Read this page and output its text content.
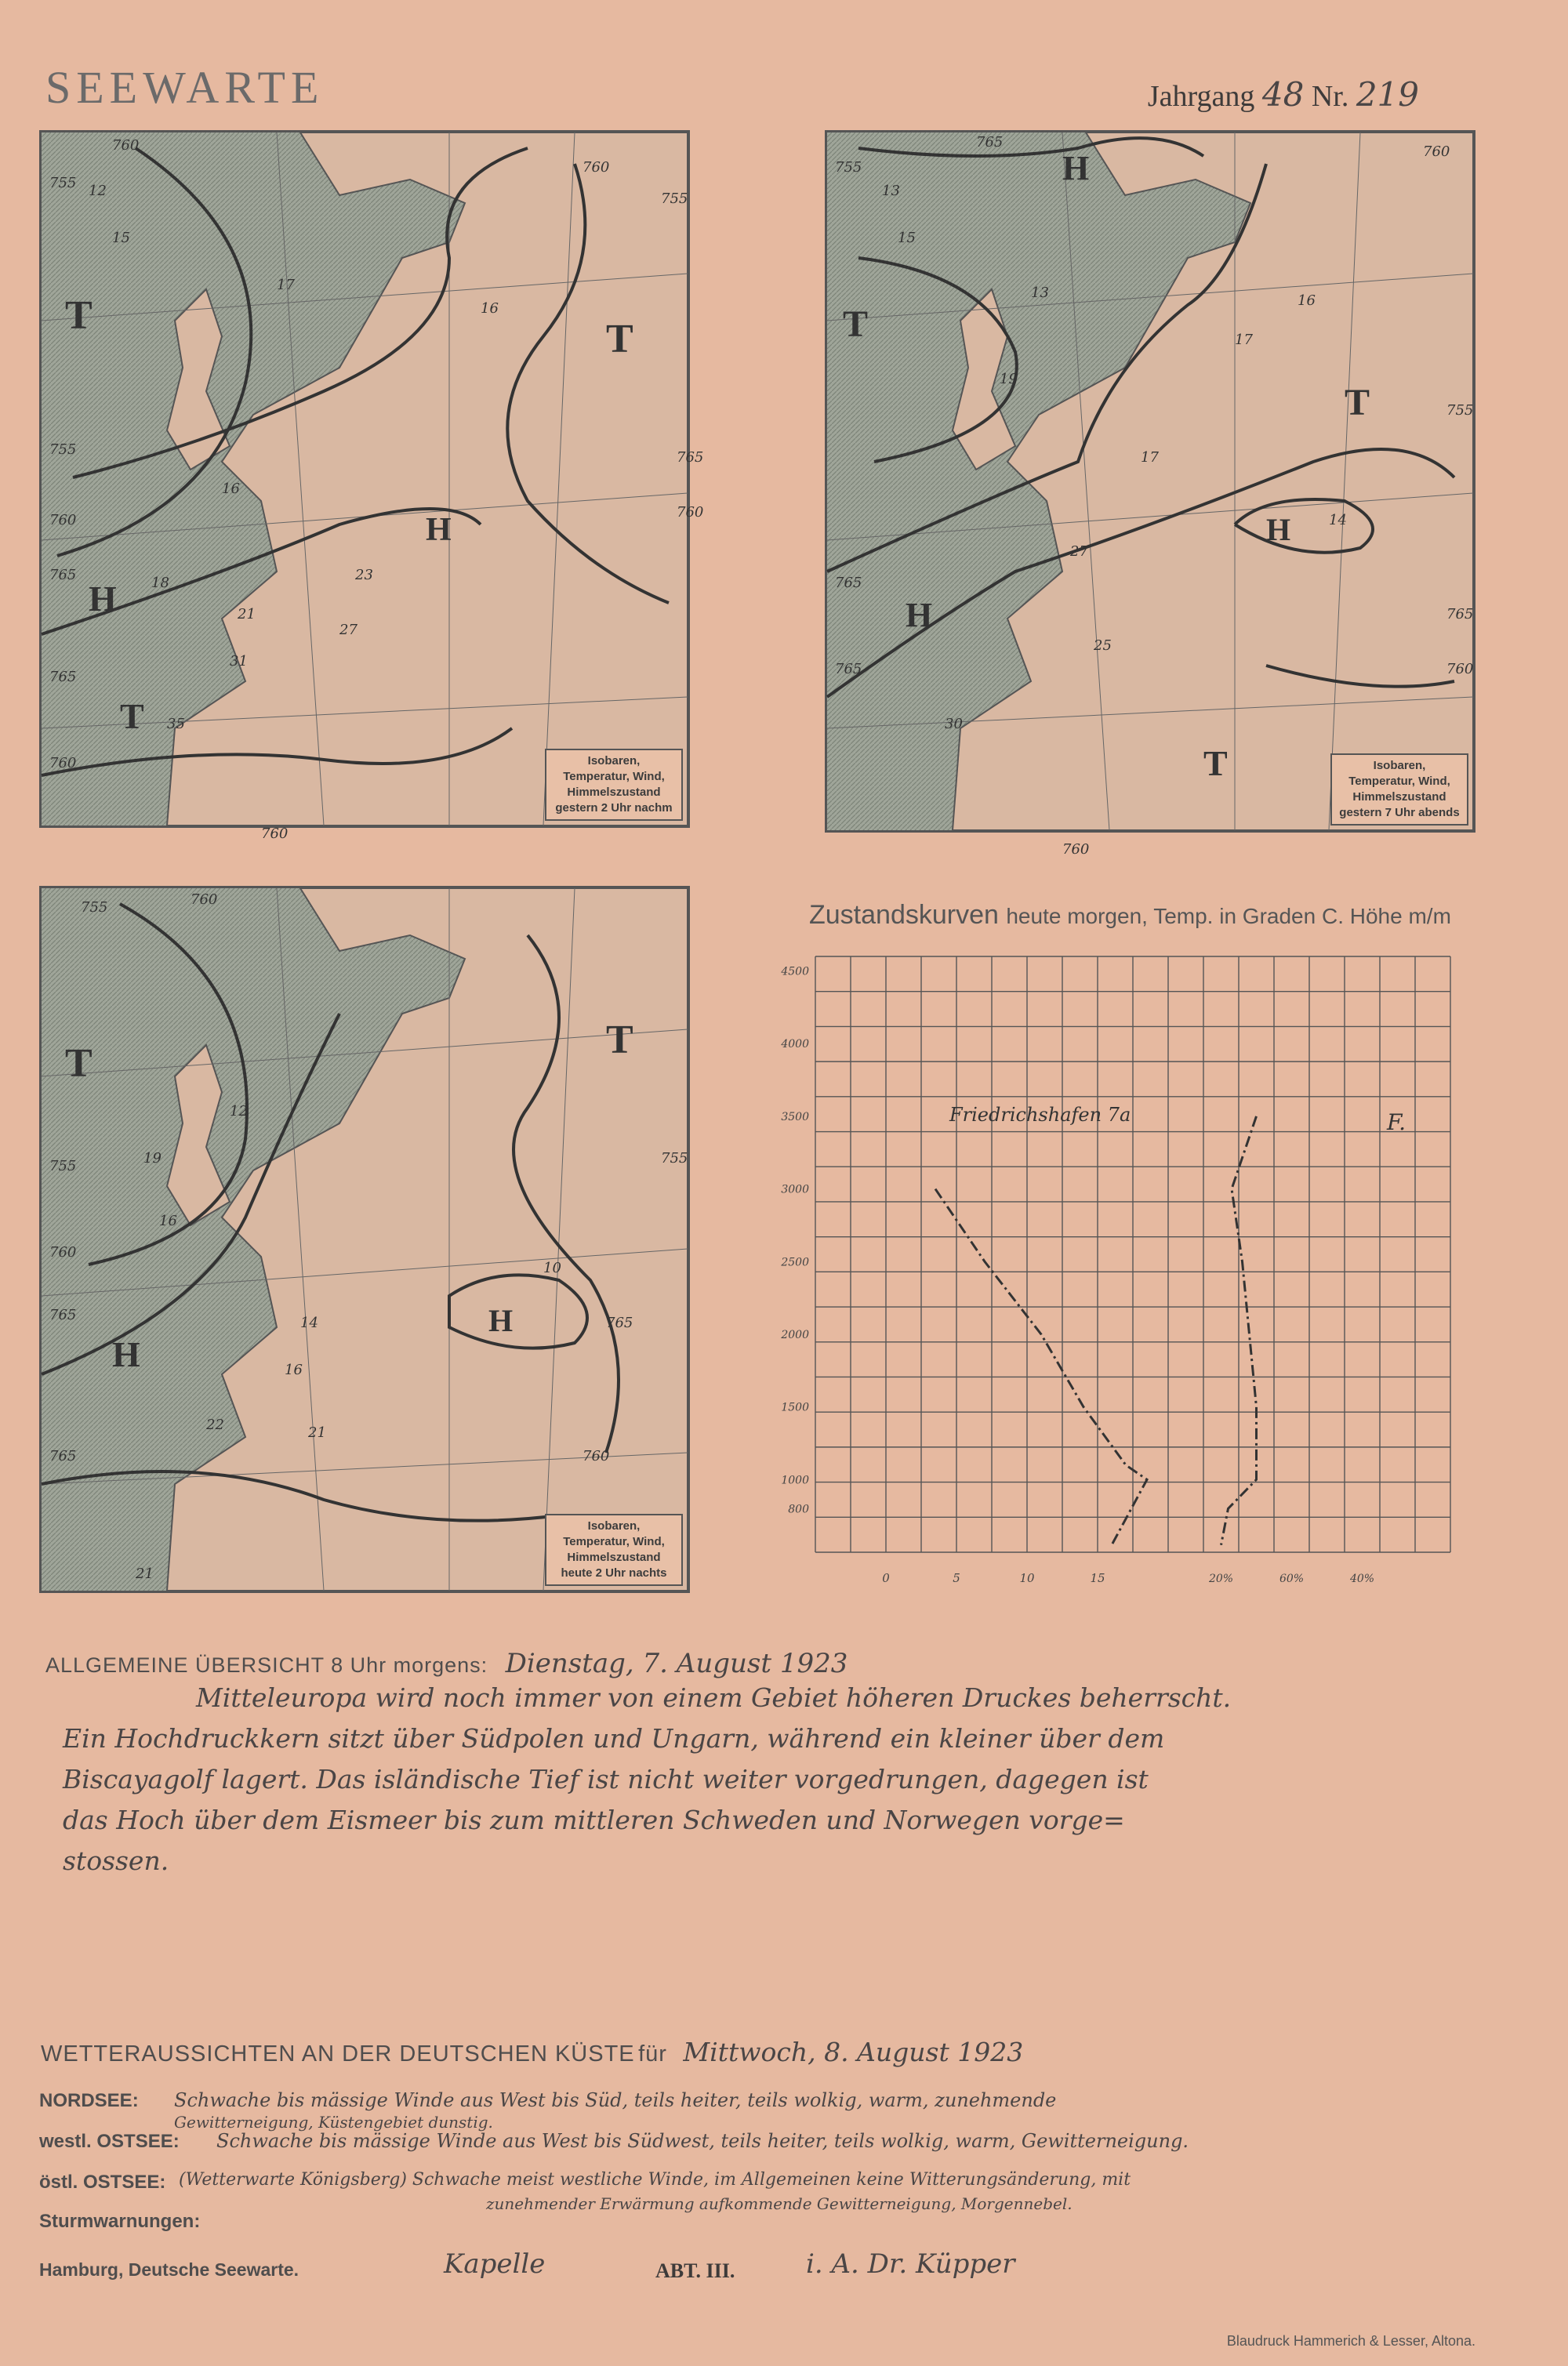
SEEWARTE	Jahrgang 48 Nr. 219
T
T
H
H
T
760
755
755
760
765
765
760
760
760
755
765
760
12
15
16
18
21
23
27
31
35
16
17
Isobaren,
Temperatur, Wind,
Himmelszustand
gestern 2 Uhr nachm
T
T
H
H
H
T
765
755
765
765
760
760
755
765
760
13
15
13
19
17
27
25
30
14
17
16
Isobaren,
Temperatur, Wind,
Himmelszustand
gestern 7 Uhr abends
T
T
H
H
755	760
755
760
765
765	760
755
765
12
19
16
14
16
22	21
10
21
Isobaren,
Temperatur, Wind,
Himmelszustand
heute 2 Uhr nachts
Zustandskurven heute morgen, Temp. in Graden C. Höhe m/m
4500
4000
3500
3000
2500
2000
1500
1000
800
0	5	10	15	20%	60%	40%
Friedrichshafen 7a	F.
ALLGEMEINE ÜBERSICHT 8 Uhr morgens: Dienstag, 7. August 1923
Mitteleuropa wird noch immer von einem Gebiet höheren Druckes beherrscht.
Ein Hochdruckkern sitzt über Südpolen und Ungarn, während ein kleiner über dem
Biscayagolf lagert. Das isländische Tief ist nicht weiter vorgedrungen, dagegen ist
das Hoch über dem Eismeer bis zum mittleren Schweden und Norwegen vorge=
stossen.
WETTERAUSSICHTEN AN DER DEUTSCHEN KÜSTE für Mittwoch, 8. August 1923
NORDSEE: Schwache bis mässige Winde aus West bis Süd, teils heiter, teils wolkig, warm, zunehmende
Gewitterneigung, Küstengebiet dunstig.
westl. OSTSEE: Schwache bis mässige Winde aus West bis Südwest, teils heiter, teils wolkig, warm, Gewitterneigung.
östl. OSTSEE: (Wetterwarte Königsberg) Schwache meist westliche Winde, im Allgemeinen keine Witterungsänderung, mit
zunehmender Erwärmung aufkommende Gewitterneigung, Morgennebel.
Sturmwarnungen:
Hamburg, Deutsche Seewarte.	Kapelle	ABT. III.	i. A. Dr. Küpper
Blaudruck Hammerich & Lesser, Altona.
